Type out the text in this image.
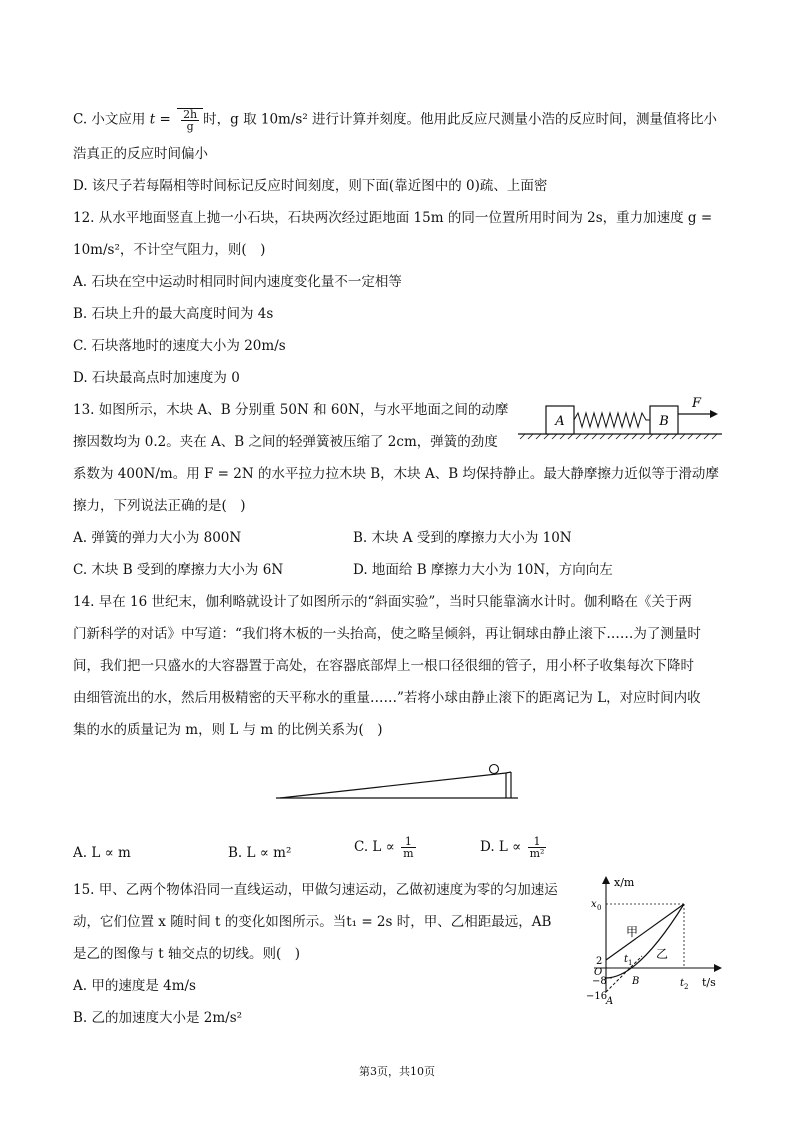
C. 小文应用 $t = \frac{2h}{g}$ 时，g 取 10m/s² 进行计算并刻度。他用此反应尺测量小浩的反应时间，测量值将比小
浩真正的反应时间偏小
D. 该尺子若每隔相等时间标记反应时间刻度，则下面(靠近图中的 0)疏、上面密
12. 从水平地面竖直上抛一小石块，石块两次经过距地面 15m 的同一位置所用时间为 2s，重力加速度 g =
10m/s²，不计空气阻力，则(　)
A. 石块在空中运动时相同时间内速度变化量不一定相等
B. 石块上升的最大高度时间为 4s
C. 石块落地时的速度大小为 20m/s
D. 石块最高点时加速度为 0
13. 如图所示，木块 A、B 分别重 50N 和 60N，与水平地面之间的动摩
擦因数均为 0.2。夹在 A、B 之间的轻弹簧被压缩了 2cm，弹簧的劲度
系数为 400N/m。用 F = 2N 的水平拉力拉木块 B，木块 A、B 均保持静止。最大静摩擦力近似等于滑动摩
擦力，下列说法正确的是(　)
A. 弹簧的弹力大小为 800N	B. 木块 A 受到的摩擦力大小为 10N
C. 木块 B 受到的摩擦力大小为 6N	D. 地面给 B 摩擦力大小为 10N，方向向左
A	B
F
14. 早在 16 世纪末，伽利略就设计了如图所示的“斜面实验”，当时只能靠滴水计时。伽利略在《关于两
门新科学的对话》中写道：“我们将木板的一头抬高，使之略呈倾斜，再让铜球由静止滚下……为了测量时
间，我们把一只盛水的大容器置于高处，在容器底部焊上一根口径很细的管子，用小杯子收集每次下降时
由细管流出的水，然后用极精密的天平称水的重量……”若将小球由静止滚下的距离记为 L，对应时间内收
集的水的质量记为 m，则 L 与 m 的比例关系为(　)
A. L ∝ m	B. L ∝ m²	C. $L \propto \frac{1}{m}$	D. $L \propto \frac{1}{\text{m²}}$
15. 甲、乙两个物体沿同一直线运动，甲做匀速运动，乙做初速度为零的匀加速运
动，它们位置 x 随时间 t 的变化如图所示。当t₁ = 2s 时，甲、乙相距最远，AB
是乙的图像与 t 轴交点的切线。则(　)
A. 甲的速度是 4m/s
B. 乙的加速度大小是 2m/s²
x/m
t/s
x 0
2
O
−8
−16
t 1
t 2
甲
乙
A
B
第3页，共10页
